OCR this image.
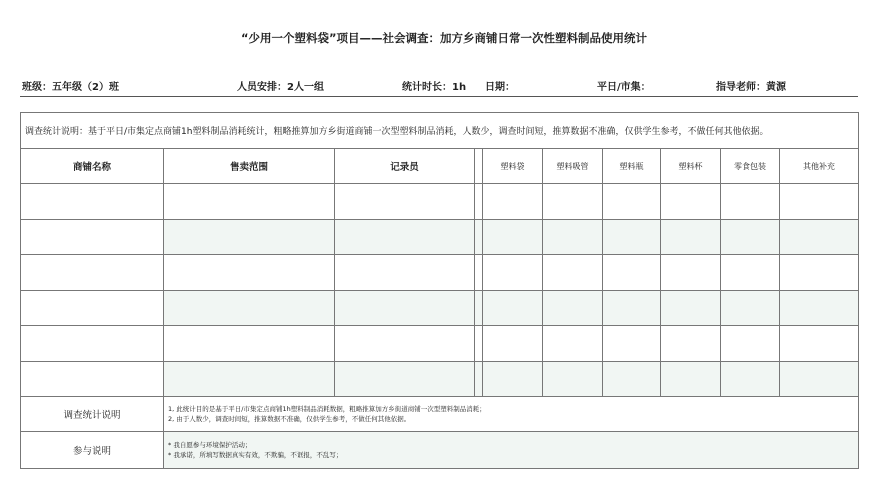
“少用一个塑料袋”项目——社会调查：加方乡商铺日常一次性塑料制品使用统计
班级：五年级（2）班	人员安排：2人一组	统计时长：1h 日期：	平日/市集：	指导老师：黄源
调查统计说明：基于平日/市集定点商铺1h塑料制品消耗统计，粗略推算加方乡街道商铺一次型塑料制品消耗，人数少，调查时间短，推算数据不准确，仅供学生参考，不做任何其他依据。									
商铺名称	售卖范围	记录员		塑料袋	塑料吸管	塑料瓶	塑料杯	零食包装	其他补充

调查统计说明	1, 此统计目的是基于平日/市集定点商铺1h塑料制品消耗数据，粗略推算加方乡街道商铺一次型塑料制品消耗；
2, 由于人数少，调查时间短，推算数据不准确，仅供学生参考，不做任何其他依据。								

参与说明	* 我自愿参与环境保护活动；
* 我承诺，所填写数据真实有效，不欺骗，不诓报，不乱写；								
